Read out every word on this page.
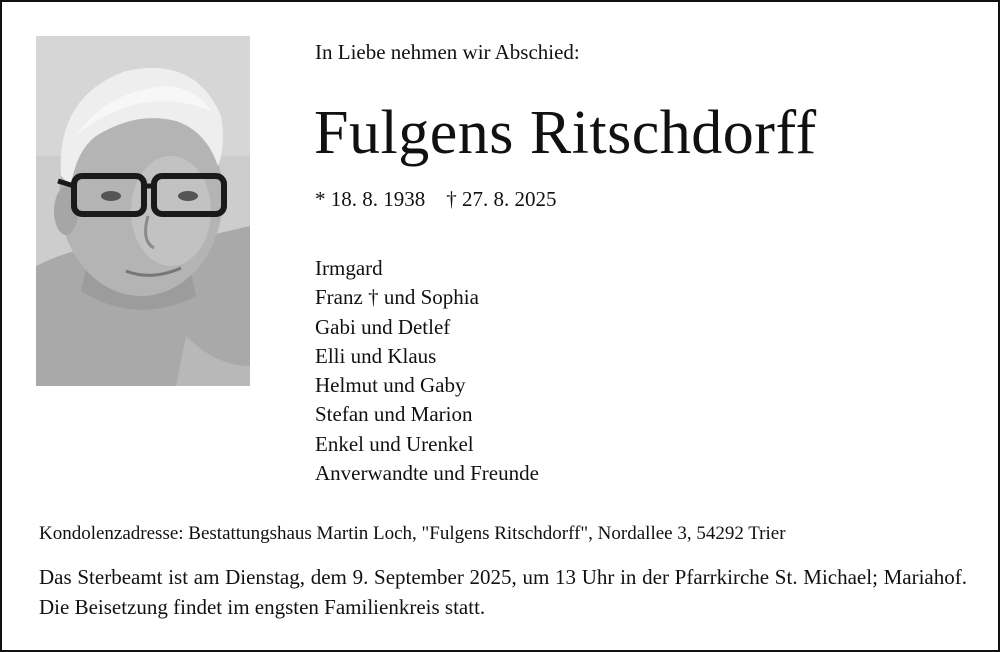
In Liebe nehmen wir Abschied:
Fulgens Ritschdorff
* 18. 8. 1938    † 27. 8. 2025
Irmgard
Franz † und Sophia
Gabi und Detlef
Elli und Klaus
Helmut und Gaby
Stefan und Marion
Enkel und Urenkel
Anverwandte und Freunde
Kondolenzadresse: Bestattungshaus Martin Loch, "Fulgens Ritschdorff", Nordallee 3, 54292 Trier
Das Sterbeamt ist am Dienstag, dem 9. September 2025, um 13 Uhr in der Pfarrkirche St. Michael; Mariahof. Die Beisetzung findet im engsten Familienkreis statt.
